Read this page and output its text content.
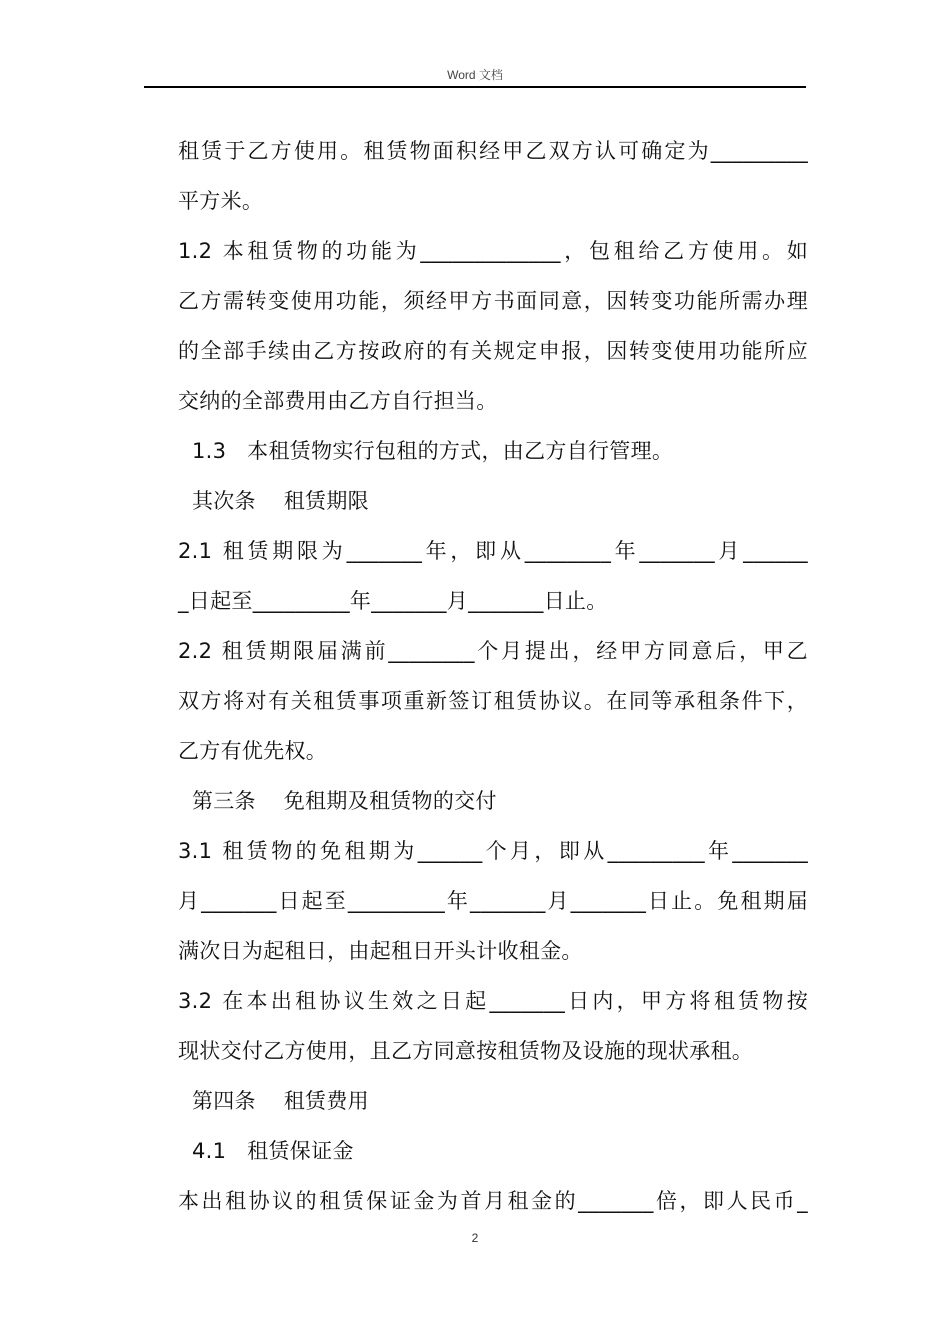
Word 文档
租赁于乙方使用。租赁物面积经甲乙双方认可确定为_________
平方米。
1.2 本租赁物的功能为_____________，包租给乙方使用。如
乙方需转变使用功能，须经甲方书面同意，因转变功能所需办理
的全部手续由乙方按政府的有关规定申报，因转变使用功能所应
交纳的全部费用由乙方自行担当。
1.3   本租赁物实行包租的方式，由乙方自行管理。
其次条    租赁期限
2.1 租赁期限为_______年，即从________年_______月______
_日起至_________年_______月_______日止。
2.2 租赁期限届满前________个月提出，经甲方同意后，甲乙
双方将对有关租赁事项重新签订租赁协议。在同等承租条件下，
乙方有优先权。
第三条    免租期及租赁物的交付
3.1 租赁物的免租期为______个月，即从_________年_______
月_______日起至_________年_______月_______日止。免租期届
满次日为起租日，由起租日开头计收租金。
3.2 在本出租协议生效之日起_______日内，甲方将租赁物按
现状交付乙方使用，且乙方同意按租赁物及设施的现状承租。
第四条    租赁费用
4.1   租赁保证金
本出租协议的租赁保证金为首月租金的_______倍，即人民币_
2
